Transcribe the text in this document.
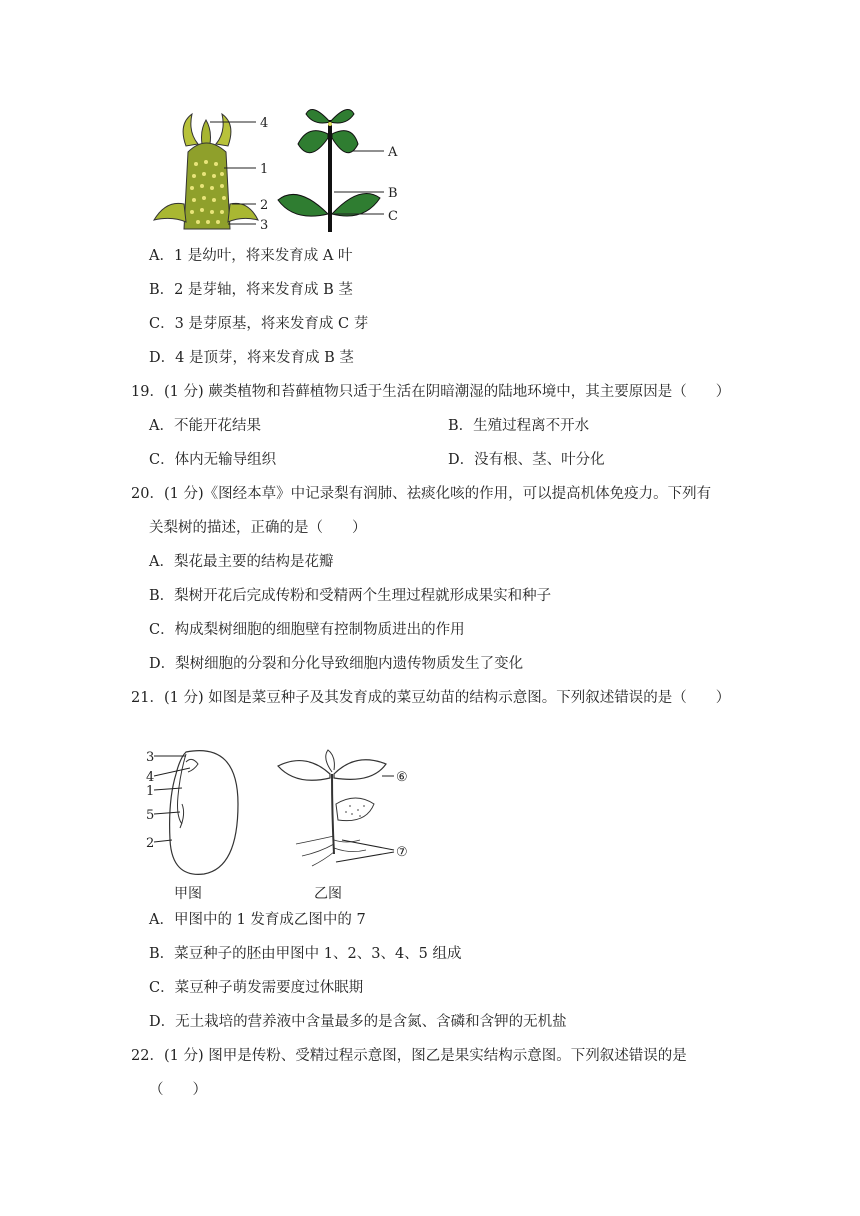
4
1
2
3
A
B
C
A．1 是幼叶，将来发育成 A 叶
B．2 是芽轴，将来发育成 B 茎
C．3 是芽原基，将来发育成 C 芽
D．4 是顶芽，将来发育成 B 茎
19．(1 分) 蕨类植物和苔藓植物只适于生活在阴暗潮湿的陆地环境中，其主要原因是（　　）
A．不能开花结果	B．生殖过程离不开水
C．体内无输导组织	D．没有根、茎、叶分化
20．(1 分)《图经本草》中记录梨有润肺、祛痰化咳的作用，可以提高机体免疫力。下列有
关梨树的描述，正确的是（　　）
A．梨花最主要的结构是花瓣
B．梨树开花后完成传粉和受精两个生理过程就形成果实和种子
C．构成梨树细胞的细胞壁有控制物质进出的作用
D．梨树细胞的分裂和分化导致细胞内遗传物质发生了变化
21．(1 分) 如图是菜豆种子及其发育成的菜豆幼苗的结构示意图。下列叙述错误的是（　　）
3
4
1
5
2
⑥
⑦
甲图	乙图
A．甲图中的 1 发育成乙图中的 7
B．菜豆种子的胚由甲图中 1、2、3、4、5 组成
C．菜豆种子萌发需要度过休眠期
D．无土栽培的营养液中含量最多的是含氮、含磷和含钾的无机盐
22．(1 分) 图甲是传粉、受精过程示意图，图乙是果实结构示意图。下列叙述错误的是
（　　）
